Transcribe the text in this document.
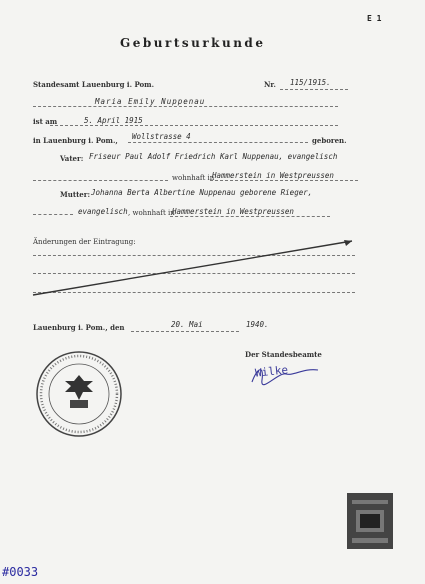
E 1
Geburtsurkunde
Standesamt Lauenburg i. Pom.	Nr. 115/1915.
Maria Emily Nuppenau
ist am	5. April 1915
in Lauenburg i. Pom., Wollstrasse 4	geboren.
Vater: Friseur Paul Adolf Friedrich Karl Nuppenau, evangelisch
wohnhaft in
Hammerstein in Westpreussen
Mutter: Johanna Berta Albertine Nuppenau geborene Rieger,
evangelisch , wohnhaft in
Hammerstein in Westpreussen
Änderungen der Eintragung:
Lauenburg i. Pom., den	20. Mai	1940.
Der Standesbeamte
Wilke
#0033
